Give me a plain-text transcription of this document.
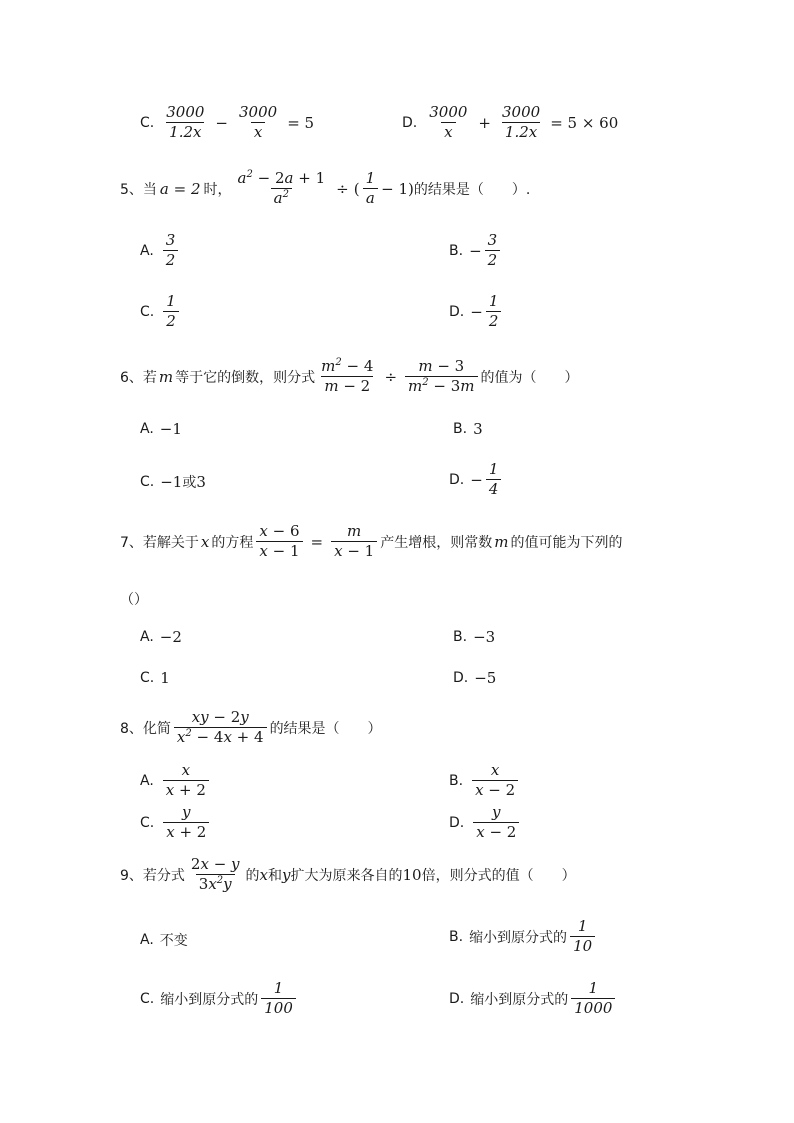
C. $\frac{3000}{1.2x} - \frac{3000}{x} = 5$	D. $\frac{3000}{x} + \frac{3000}{1.2x} = 5 \times 60$
5、 当 a = 2 时， $\frac{a^2 - 2a + 1}{a^2}$ ÷ ( $\frac{1}{a} - 1$) 的结果是（　　）.
A. $\frac{3}{2}$	B. − $\frac{3}{2}$
C. $\frac{1}{2}$	D. − $\frac{1}{2}$
6、 若 m 等于它的倒数，则分式 $\frac{m^2 - 4}{m - 2} \div \frac{m - 3}{m^2 - 3m}$ 的值为（　　）
A. −1	B. 3
C. −1 或 3	D. − $\frac{1}{4}$
7、 若解关于 x 的方程 $\frac{x - 6}{x - 1} = \frac{m}{x - 1}$ 产生增根，则常数 m 的值可能为下列的
（）
A. −2	B. −3
C. 1	D. −5
8、 化简 $\frac{xy - 2y}{x^2 - 4x + 4}$ 的结果是（　　）
A. $\frac{x}{x + 2}$	B. $\frac{x}{x - 2}$
C. $\frac{y}{x + 2}$	D. $\frac{y}{x - 2}$
9、 若分式 $\frac{2x - y}{3x^2y}$ 的 x 和 y 扩大为原来各自的 10 倍，则分式的值（　　）
A. 不变	B. 缩小到原分式的 $\frac{1}{10}$
C. 缩小到原分式的 $\frac{1}{100}$	D. 缩小到原分式的 $\frac{1}{1000}$
